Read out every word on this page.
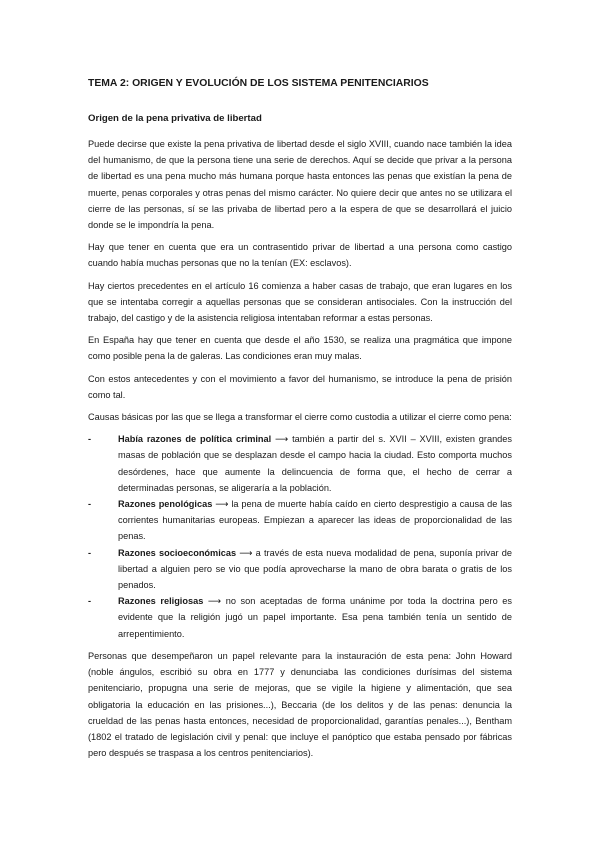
TEMA 2: ORIGEN Y EVOLUCIÓN DE LOS SISTEMA PENITENCIARIOS
Origen de la pena privativa de libertad

Puede decirse que existe la pena privativa de libertad desde el siglo XVIII, cuando nace también la idea del humanismo, de que la persona tiene una serie de derechos. Aquí se decide que privar a la persona de libertad es una pena mucho más humana porque hasta entonces las penas que existían la pena de muerte, penas corporales y otras penas del mismo carácter. No quiere decir que antes no se utilizara el cierre de las personas, sí se las privaba de libertad pero a la espera de que se desarrollará el juicio donde se le impondría la pena.

Hay que tener en cuenta que era un contrasentido privar de libertad a una persona como castigo cuando había muchas personas que no la tenían (EX: esclavos).

Hay ciertos precedentes en el artículo 16 comienza a haber casas de trabajo, que eran lugares en los que se intentaba corregir a aquellas personas que se consideran antisociales. Con la instrucción del trabajo, del castigo y de la asistencia religiosa intentaban reformar a estas personas.

En España hay que tener en cuenta que desde el año 1530, se realiza una pragmática que impone como posible pena la de galeras. Las condiciones eran muy malas.

Con estos antecedentes y con el movimiento a favor del humanismo, se introduce la pena de prisión como tal.

Causas básicas por las que se llega a transformar el cierre como custodia a utilizar el cierre como pena:

-	Había razones de política criminal ⟶ también a partir del s. XVII – XVIII, existen grandes masas de población que se desplazan desde el campo hacia la ciudad. Esto comporta muchos desórdenes, hace que aumente la delincuencia de forma que, el hecho de cerrar a determinadas personas, se aligeraría a la población.
-	Razones penológicas ⟶ la pena de muerte había caído en cierto desprestigio a causa de las corrientes humanitarias europeas. Empiezan a aparecer las ideas de proporcionalidad de las penas.
-	Razones socioeconómicas ⟶ a través de esta nueva modalidad de pena, suponía privar de libertad a alguien pero se vio que podía aprovecharse la mano de obra barata o gratis de los penados.
-	Razones religiosas ⟶ no son aceptadas de forma unánime por toda la doctrina pero es evidente que la religión jugó un papel importante. Esa pena también tenía un sentido de arrepentimiento.

Personas que desempeñaron un papel relevante para la instauración de esta pena: John Howard (noble ángulos, escribió su obra en 1777 y denunciaba las condiciones durísimas del sistema penitenciario, propugna una serie de mejoras, que se vigile la higiene y alimentación, que sea obligatoria la educación en las prisiones...), Beccaria (de los delitos y de las penas: denuncia la crueldad de las penas hasta entonces, necesidad de proporcionalidad, garantías penales...), Bentham (1802 el tratado de legislación civil y penal: que incluye el panóptico que estaba pensado por fábricas pero después se traspasa a los centros penitenciarios).
